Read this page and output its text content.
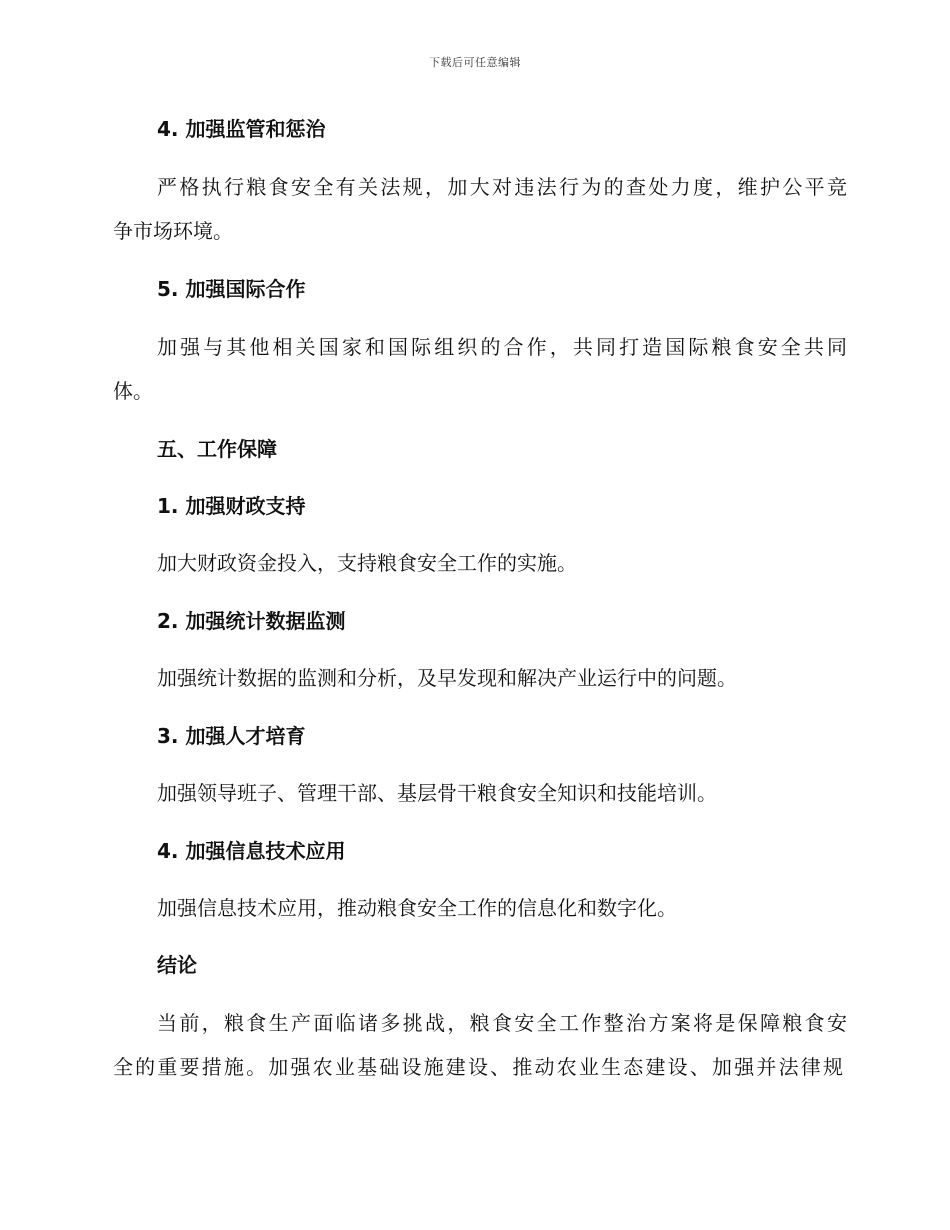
下载后可任意编辑
4. 加强监管和惩治
严格执行粮食安全有关法规，加大对违法行为的查处力度，维护公平竞
争市场环境。
5. 加强国际合作
加强与其他相关国家和国际组织的合作，共同打造国际粮食安全共同
体。
五、工作保障
1. 加强财政支持
加大财政资金投入，支持粮食安全工作的实施。
2. 加强统计数据监测
加强统计数据的监测和分析，及早发现和解决产业运行中的问题。
3. 加强人才培育
加强领导班子、管理干部、基层骨干粮食安全知识和技能培训。
4. 加强信息技术应用
加强信息技术应用，推动粮食安全工作的信息化和数字化。
结论
当前，粮食生产面临诸多挑战，粮食安全工作整治方案将是保障粮食安
全的重要措施。加强农业基础设施建设、推动农业生态建设、加强并法律规
